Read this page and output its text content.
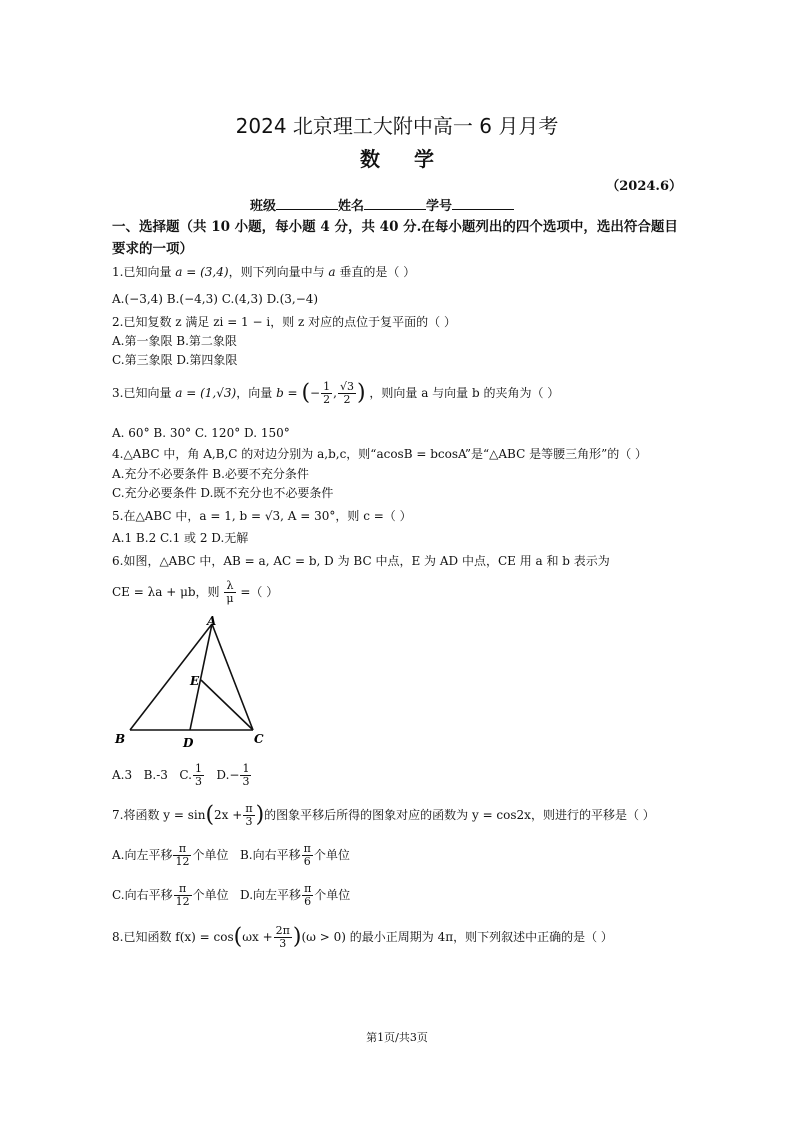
2024 北京理工大附中高一 6 月月考
数学
（2024.6）
班级	姓名	学号
一、选择题（共 10 小题，每小题 4 分，共 40 分.在每小题列出的四个选项中，选出符合题目要求的一项）
1.已知向量 a = (3,4)，则下列向量中与 a 垂直的是（ ）
A.(−3,4) B.(−4,3) C.(4,3) D.(3,−4)
2.已知复数 z 满足 zi = 1 − i，则 z 对应的点位于复平面的（ ）
A.第一象限 B.第二象限
C.第三象限 D.第四象限
3.已知向量 a = (1,√3)，向量 b = (− $\frac{1}{2}$ , $\frac{√3}{2}$ ) ，则向量 a 与向量 b 的夹角为（ ）
A. 60° B. 30° C. 120° D. 150°
4.△ABC 中，角 A,B,C 的对边分别为 a,b,c，则“acosB = bcosA”是“△ABC 是等腰三角形”的（ ）
A.充分不必要条件 B.必要不充分条件
C.充分必要条件 D.既不充分也不必要条件
5.在△ABC 中，a = 1, b = √3, A = 30°，则 c =（ ）
A.1 B.2 C.1 或 2 D.无解
6.如图，△ABC 中，AB = a, AC = b, D 为 BC 中点，E 为 AD 中点，CE 用 a 和 b 表示为
CE = λa + μb，则 $\frac{\lambda}{\mu}$ =（ ）
A
B	C
D
E
A.3 B.-3 C. $\frac{1}{3} D.- \frac{1}{3}$
7.将函数 $y = \sin(2x + \frac{\pi}{3}$ )的图象平移后所得的图象对应的函数为 y = cos2x，则进行的平移是（ ）
A.向左平移 $\frac{\pi}{12}$ 个单位 B.向右平移 $\frac{\pi}{6}$ 个单位
C.向右平移 $\frac{\pi}{12}$ 个单位 D.向左平移 $\frac{\pi}{6}$ 个单位
8.已知函数 $f(x) = \cos(\omega x + \frac{2\pi}{3} )(\omega > 0)$ 的最小正周期为 4π，则下列叙述中正确的是（ ）
第1页/共3页
